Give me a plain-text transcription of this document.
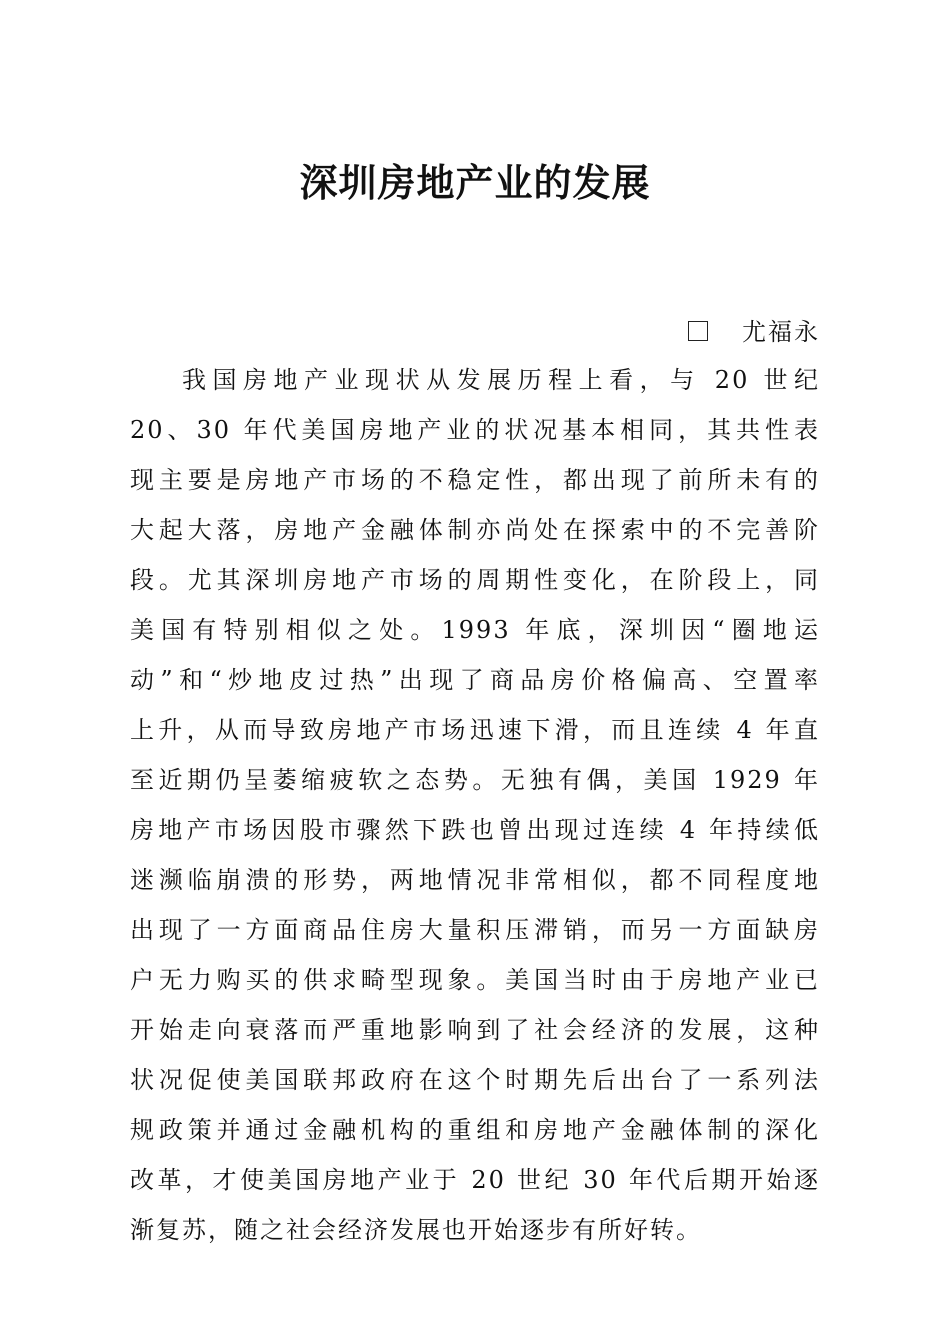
深圳房地产业的发展
尤福永
我国房地产业现状从发展历程上看，与 20 世纪
20、30 年代美国房地产业的状况基本相同，其共性表
现主要是房地产市场的不稳定性，都出现了前所未有的
大起大落，房地产金融体制亦尚处在探索中的不完善阶
段。尤其深圳房地产市场的周期性变化，在阶段上，同
美国有特别相似之处。1993 年底，深圳因“圈地运
动”和“炒地皮过热”出现了商品房价格偏高、空置率
上升，从而导致房地产市场迅速下滑，而且连续 4 年直
至近期仍呈萎缩疲软之态势。无独有偶，美国 1929 年
房地产市场因股市骤然下跌也曾出现过连续 4 年持续低
迷濒临崩溃的形势，两地情况非常相似，都不同程度地
出现了一方面商品住房大量积压滞销，而另一方面缺房
户无力购买的供求畸型现象。美国当时由于房地产业已
开始走向衰落而严重地影响到了社会经济的发展，这种
状况促使美国联邦政府在这个时期先后出台了一系列法
规政策并通过金融机构的重组和房地产金融体制的深化
改革，才使美国房地产业于 20 世纪 30 年代后期开始逐
渐复苏，随之社会经济发展也开始逐步有所好转。
